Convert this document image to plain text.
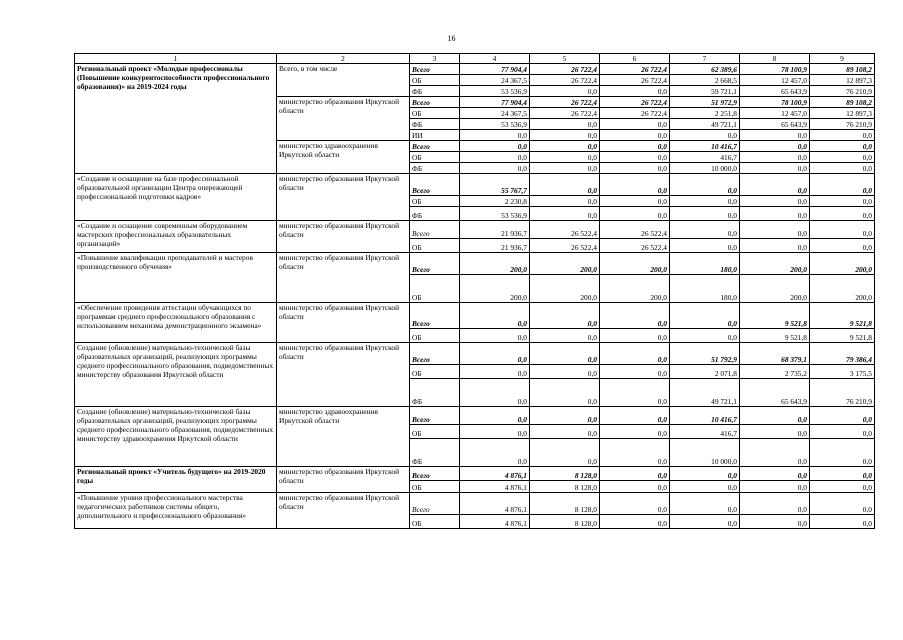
16
1	2	3	4	5	6	7	8	9
Региональный проект «Молодые профессионалы (Повышение конкурентоспособности профессионального образования)» на 2019-2024 годы	Всего, в том числе	Всего	77 904,4	26 722,4	26 722,4	62 389,6	78 100,9	89 108,2
		ОБ	24 367,5	26 722,4	26 722,4	2 668,5	12 457,0	12 897,3
		ФБ	53 536,9	0,0	0,0	59 721,1	65 643,9	76 210,9
	министерство образования Иркутской области	Всего	77 904,4	26 722,4	26 722,4	51 972,9	78 100,9	89 108,2
		ОБ	24 367,5	26 722,4	26 722,4	2 251,8	12 457,0	12 897,3
		ФБ	53 536,9	0,0	0,0	49 721,1	65 643,9	76 210,9
		ИИ	0,0	0,0	0,0	0,0	0,0	0,0
	министерство здравоохранения Иркутской области	Всего	0,0	0,0	0,0	10 416,7	0,0	0,0
		ОБ	0,0	0,0	0,0	416,7	0,0	0,0
		ФБ	0,0	0,0	0,0	10 000,0	0,0	0,0
«Создание и оснащение на базе профессиональной образовательной организации Центра опережающей профессиональной подготовки кадров»	министерство образования Иркутской области	Всего	55 767,7	0,0	0,0	0,0	0,0	0,0
		ОБ	2 230,8	0,0	0,0	0,0	0,0	0,0
		ФБ	53 536,9	0,0	0,0	0,0	0,0	0,0
«Создание и оснащение современным оборудованием мастерских профессиональных образовательных организаций»	министерство образования Иркутской области	Всего	21 936,7	26 522,4	26 522,4	0,0	0,0	0,0
		ОБ	21 936,7	26 522,4	26 522,4	0,0	0,0	0,0
«Повышение квалификации преподавателей и мастеров производственного обучения»	министерство образования Иркутской области	Всего	200,0	200,0	200,0	180,0	200,0	200,0
		ОБ	200,0	200,0	200,0	180,0	200,0	200,0
«Обеспечение проведения аттестации обучающихся по программам среднего профессионального образования с использованием механизма демонстрационного экзамена»	министерство образования Иркутской области	Всего	0,0	0,0	0,0	0,0	9 521,8	9 521,8
		ОБ	0,0	0,0	0,0	0,0	9 521,8	9 521,8
Создание (обновление) материально-технической базы образовательных организаций, реализующих программы среднего профессионального образования, подведомственных министерству образования Иркутской области	министерство образования Иркутской области	Всего	0,0	0,0	0,0	51 792,9	68 379,1	79 386,4
		ОБ	0,0	0,0	0,0	2 071,8	2 735,2	3 175,5
		ФБ	0,0	0,0	0,0	49 721,1	65 643,9	76 210,9
Создание (обновление) материально-технической базы образовательных организаций, реализующих программы среднего профессионального образования, подведомственных министерству здравоохранения Иркутской области	министерство здравоохранения Иркутской области	Всего	0,0	0,0	0,0	10 416,7	0,0	0,0
		ОБ	0,0	0,0	0,0	416,7	0,0	0,0
		ФБ	0,0	0,0	0,0	10 000,0	0,0	0,0
Региональный проект «Учитель будущего» на 2019-2020 годы	министерство образования Иркутской области	Всего	4 876,1	8 128,0	0,0	0,0	0,0	0,0
		ОБ	4 876,1	8 128,0	0,0	0,0	0,0	0,0
«Повышение уровня профессионального мастерства педагогических работников системы общего, дополнительного и профессионального образования»	министерство образования Иркутской области	Всего	4 876,1	8 128,0	0,0	0,0	0,0	0,0
		ОБ	4 876,1	8 128,0	0,0	0,0	0,0	0,0
